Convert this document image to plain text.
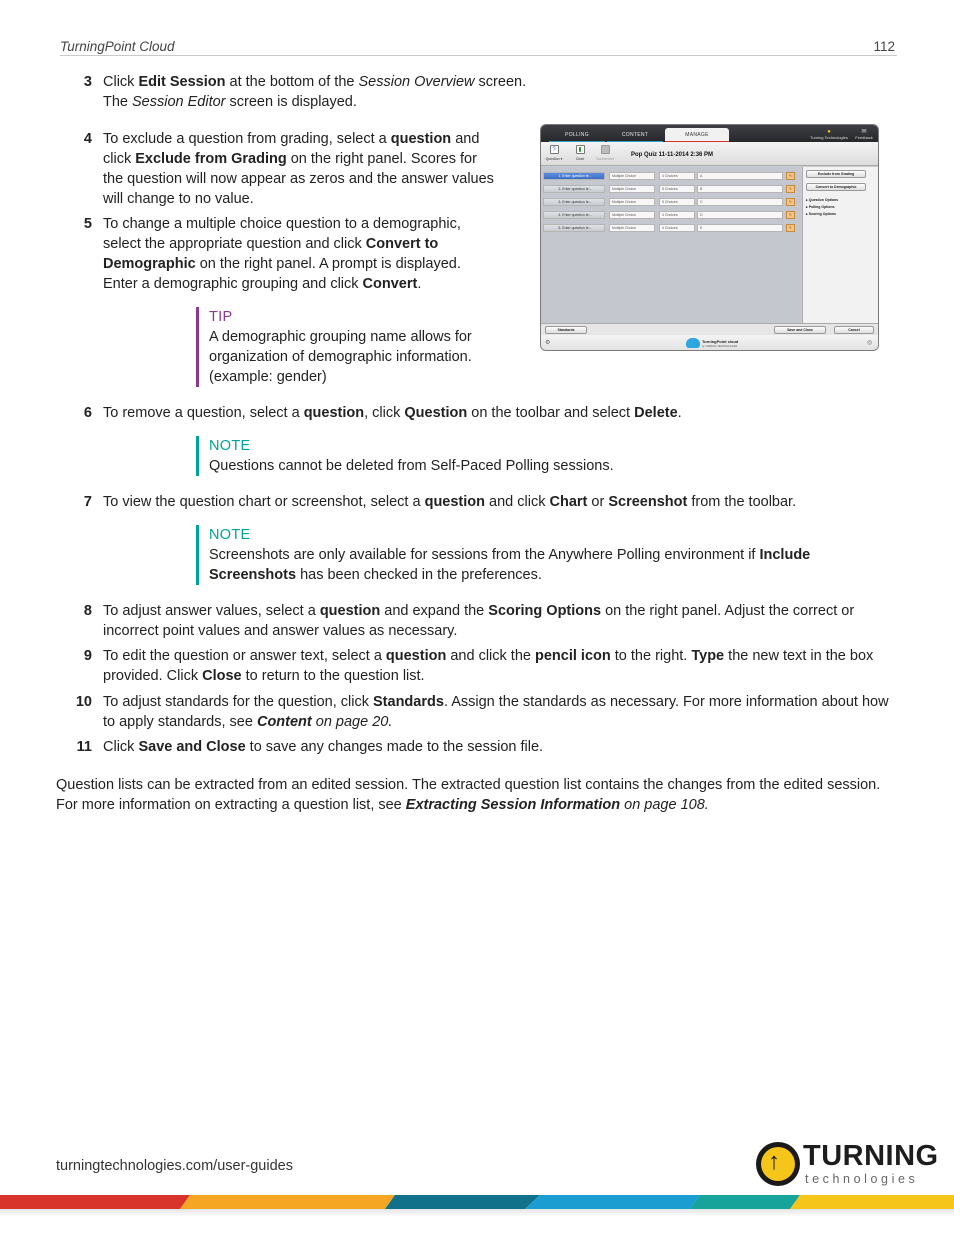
TurningPoint Cloud	112
3 Click Edit Session at the bottom of the Session Overview screen.
The Session Editor screen is displayed.
4 To exclude a question from grading, select a question and click Exclude from Grading on the right panel. Scores for the question will now appear as zeros and the answer values will change to no value.
5 To change a multiple choice question to a demographic, select the appropriate question and click Convert to Demographic on the right panel. A prompt is displayed. Enter a demographic grouping and click Convert.
TIP
A demographic grouping name allows for organization of demographic information. (example: gender)
POLLING	CONTENT	MANAGE	●
Turning Technologies
✉
Feedback
?
Question ▾
▮
Chart	Screenshot
Pop Quiz 11-11-2014 2:36 PM
1. Enter question te...	Multiple Choice	4 Choices	A	✎
2. Enter question te...	Multiple Choice	5 Choices	B	✎
3. Enter question te...	Multiple Choice	5 Choices	C	✎
4. Enter question te...	Multiple Choice	4 Choices	D	✎
5. Enter question te...	Multiple Choice	4 Choices	E	✎
Exclude from Grading
Convert to Demographic
▸ Question Options
▸ Polling Options
▸ Scoring Options
Standards	Save and Close	Cancel
⚙	TurningPoint cloud
by TURNING TECHNOLOGIES
◎
6 To remove a question, select a question, click Question on the toolbar and select Delete.
NOTE
Questions cannot be deleted from Self-Paced Polling sessions.
7 To view the question chart or screenshot, select a question and click Chart or Screenshot from the toolbar.
NOTE
Screenshots are only available for sessions from the Anywhere Polling environment if Include Screenshots has been checked in the preferences.
8 To adjust answer values, select a question and expand the Scoring Options on the right panel. Adjust the correct or incorrect point values and answer values as necessary.
9 To edit the question or answer text, select a question and click the pencil icon to the right. Type the new text in the box provided. Click Close to return to the question list.
10 To adjust standards for the question, click Standards. Assign the standards as necessary. For more information about how to apply standards, see Content on page 20.
11 Click Save and Close to save any changes made to the session file.
Question lists can be extracted from an edited session. The extracted question list contains the changes from the edited session. For more information on extracting a question list, see Extracting Session Information on page 108.
turningtechnologies.com/user-guides	↑ TURNING
technologies
